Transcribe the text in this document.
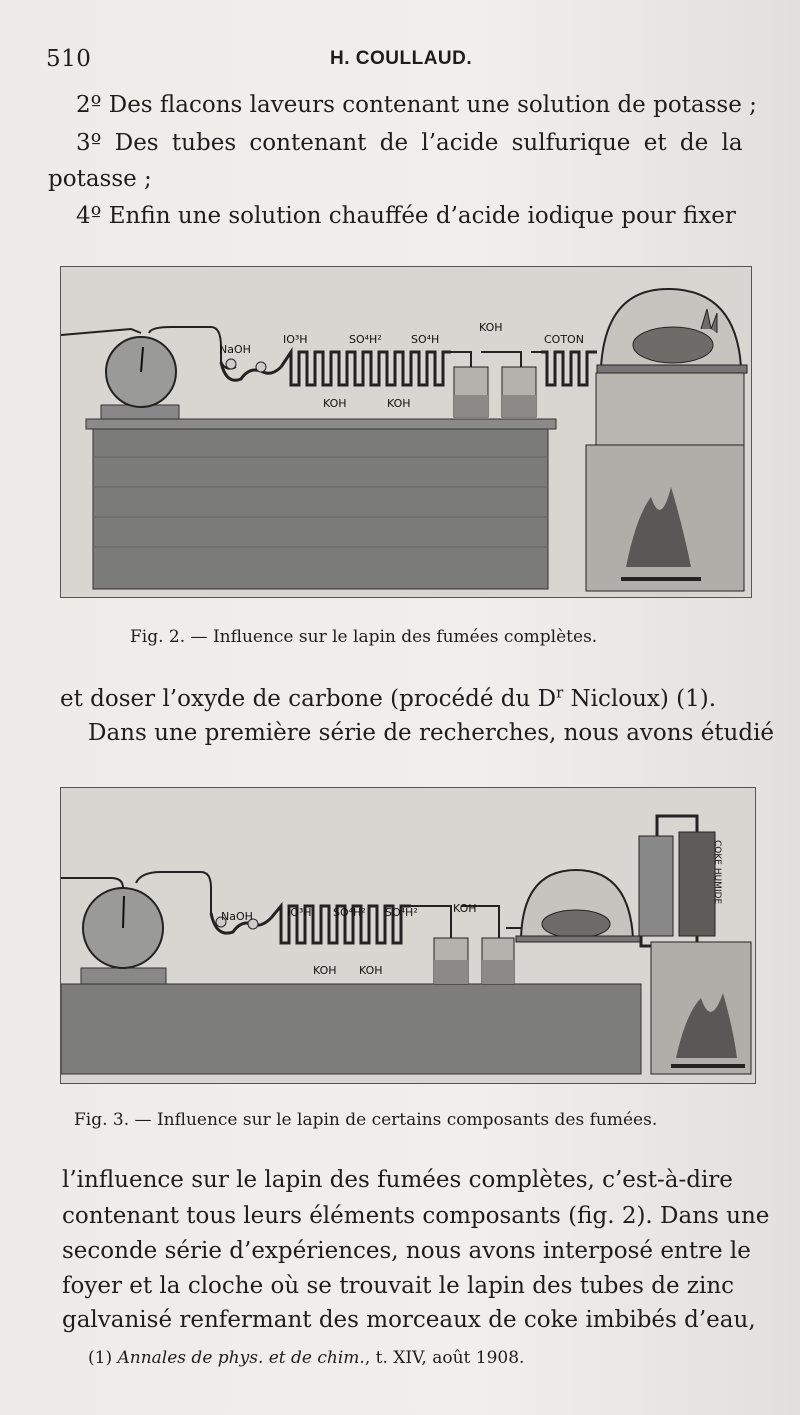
510	H. COULLAUD.
2º Des flacons laveurs contenant une solution de potasse ;
3º Des tubes contenant de l’acide sulfurique et de la
potasse ;
4º Enfin une solution chauffée d’acide iodique pour fixer
NaOH
IO³H	SO⁴H²	SO⁴H
KOH
COTON
KOH	KOH
Fig. 2. — Influence sur le lapin des fumées complètes.
et doser l’oxyde de carbone (procédé du $D^r$ Nicloux) (1).
Dans une première série de recherches, nous avons étudié
NaOH	IO³H SO⁴H² SO⁴H²	KOH
KOH KOH
COKE HUMIDE
Fig. 3. — Influence sur le lapin de certains composants des fumées.
l’influence sur le lapin des fumées complètes, c’est-à-dire
contenant tous leurs éléments composants (fig. 2). Dans une
seconde série d’expériences, nous avons interposé entre le
foyer et la cloche où se trouvait le lapin des tubes de zinc
galvanisé renfermant des morceaux de coke imbibés d’eau,
(1) Annales de phys. et de chim., t. XIV, août 1908.
